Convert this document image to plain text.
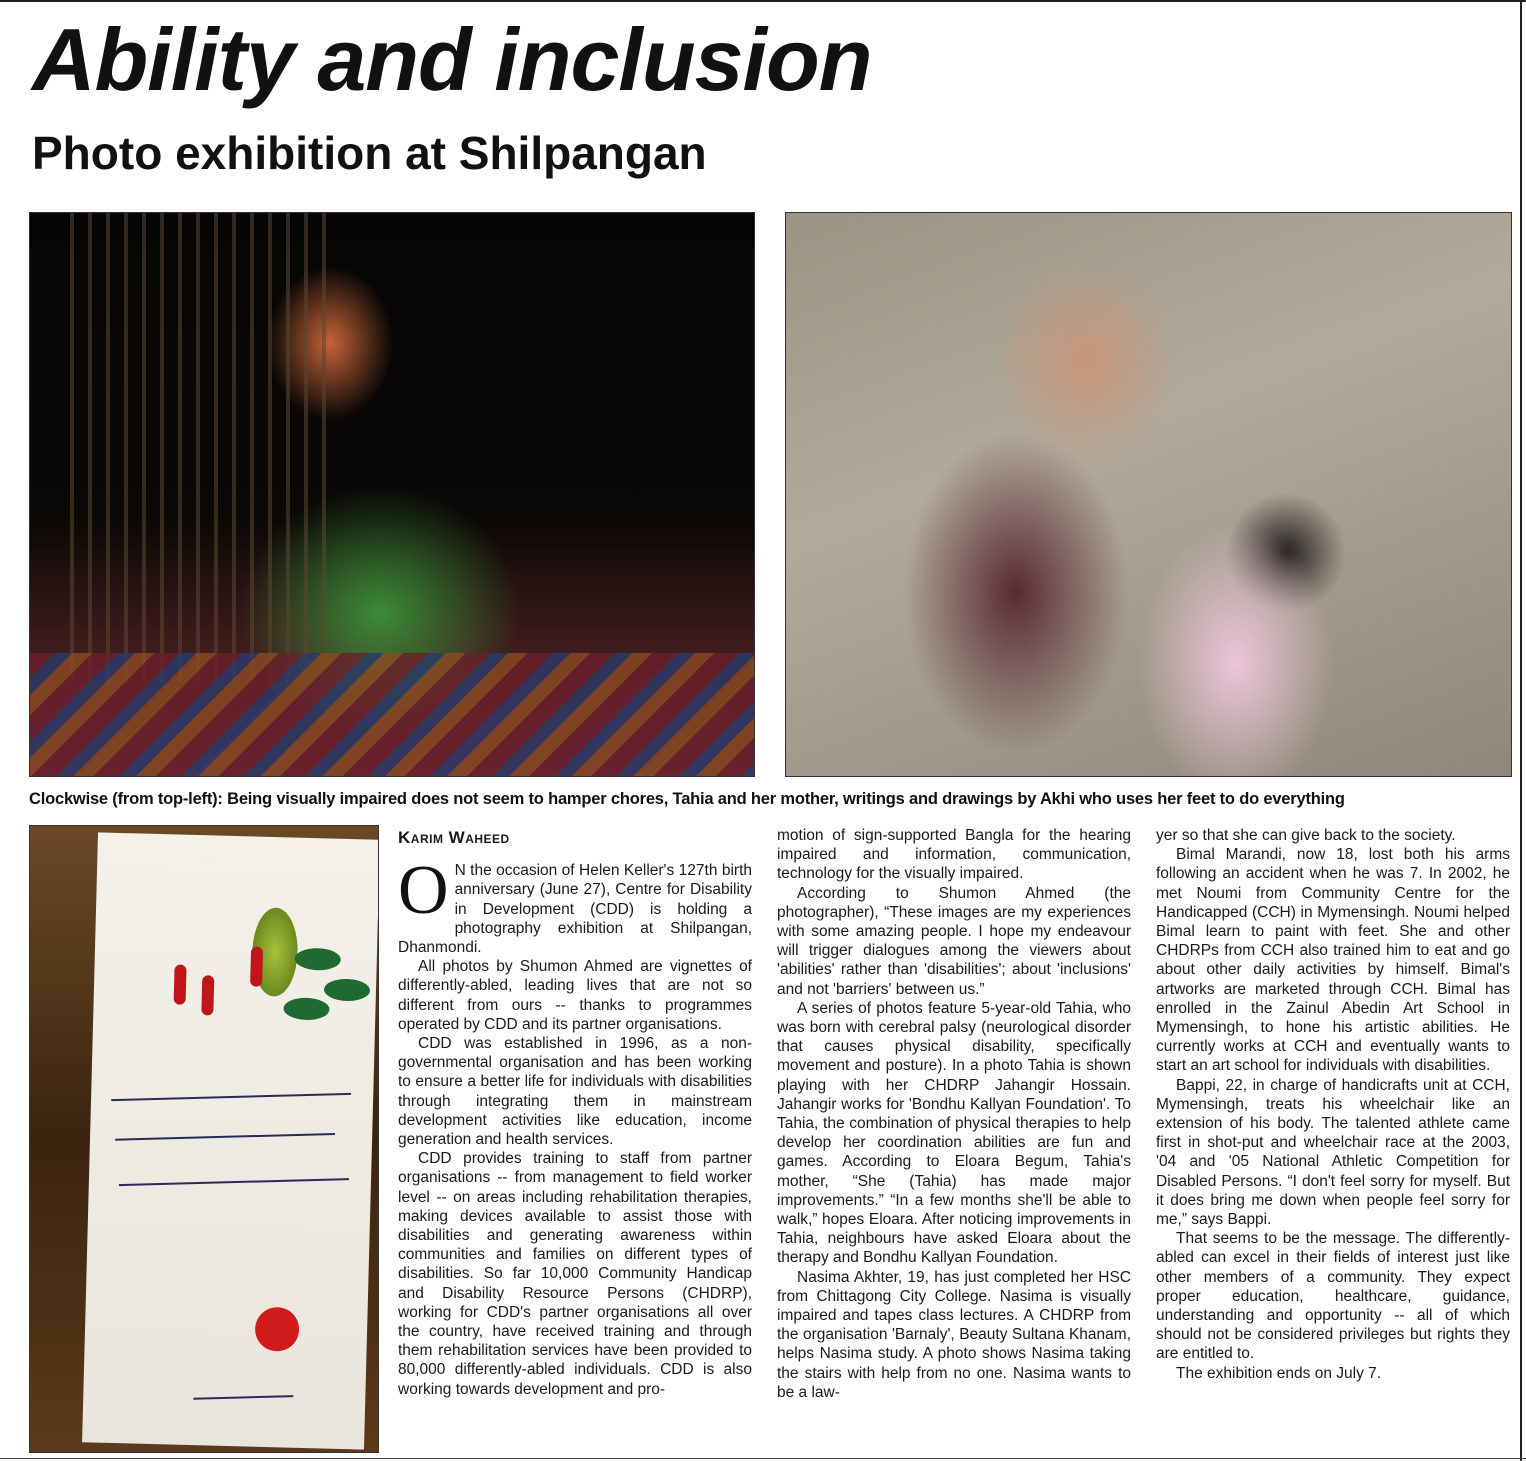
Ability and inclusion
Photo exhibition at Shilpangan

Clockwise (from top-left): Being visually impaired does not seem to hamper chores, Tahia and her mother, writings and drawings by Akhi who uses her feet to do everything

Karim Waheed
O N the occasion of Helen Keller's 127th birth anniversary (June 27), Centre for Disability in Development (CDD) is holding a photography exhibition at Shilpangan, Dhanmondi.

All photos by Shumon Ahmed are vignettes of differently-abled, leading lives that are not so different from ours -- thanks to programmes operated by CDD and its partner organisations.

CDD was established in 1996, as a non-governmental organisation and has been working to ensure a better life for individuals with disabilities through integrating them in mainstream development activities like education, income generation and health services.

CDD provides training to staff from partner organisations -- from management to field worker level -- on areas including rehabilitation therapies, making devices available to assist those with disabilities and generating awareness within communities and families on different types of disabilities. So far 10,000 Community Handicap and Disability Resource Persons (CHDRP), working for CDD's partner organisations all over the country, have received training and through them rehabilitation services have been provided to 80,000 differently-abled individuals. CDD is also working towards development and pro-

motion of sign-supported Bangla for the hearing impaired and information, communication, technology for the visually impaired.

According to Shumon Ahmed (the photographer), “These images are my experiences with some amazing people. I hope my endeavour will trigger dialogues among the viewers about 'abilities' rather than 'disabilities'; about 'inclusions' and not 'barriers' between us.”

A series of photos feature 5-year-old Tahia, who was born with cerebral palsy (neurological disorder that causes physical disability, specifically movement and posture). In a photo Tahia is shown playing with her CHDRP Jahangir Hossain. Jahangir works for 'Bondhu Kallyan Foundation'. To Tahia, the combination of physical therapies to help develop her coordination abilities are fun and games. According to Eloara Begum, Tahia's mother, “She (Tahia) has made major improvements.” “In a few months she'll be able to walk,” hopes Eloara. After noticing improvements in Tahia, neighbours have asked Eloara about the therapy and Bondhu Kallyan Foundation.

Nasima Akhter, 19, has just completed her HSC from Chittagong City College. Nasima is visually impaired and tapes class lectures. A CHDRP from the organisation 'Barnaly', Beauty Sultana Khanam, helps Nasima study. A photo shows Nasima taking the stairs with help from no one. Nasima wants to be a law-

yer so that she can give back to the society.

Bimal Marandi, now 18, lost both his arms following an accident when he was 7. In 2002, he met Noumi from Community Centre for the Handicapped (CCH) in Mymensingh. Noumi helped Bimal learn to paint with feet. She and other CHDRPs from CCH also trained him to eat and go about other daily activities by himself. Bimal's artworks are marketed through CCH. Bimal has enrolled in the Zainul Abedin Art School in Mymensingh, to hone his artistic abilities. He currently works at CCH and eventually wants to start an art school for individuals with disabilities.

Bappi, 22, in charge of handicrafts unit at CCH, Mymensingh, treats his wheelchair like an extension of his body. The talented athlete came first in shot-put and wheelchair race at the 2003, '04 and '05 National Athletic Competition for Disabled Persons. “I don't feel sorry for myself. But it does bring me down when people feel sorry for me,” says Bappi.

That seems to be the message. The differently-abled can excel in their fields of interest just like other members of a community. They expect proper education, healthcare, guidance, understanding and opportunity -- all of which should not be considered privileges but rights they are entitled to.

The exhibition ends on July 7.
